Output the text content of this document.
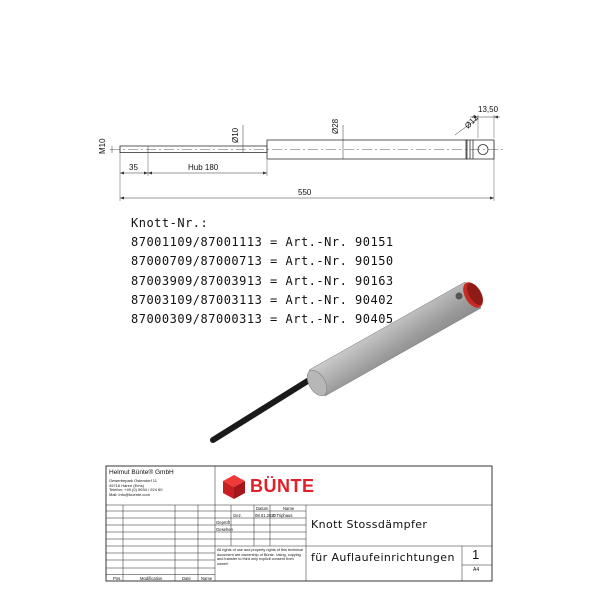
M10
Ø10
Ø28	Ø12
13,50
35	Hub 180
550
Knott-Nr.:
87001109/87001113 = Art.-Nr. 90151
87000709/87000713 = Art.-Nr. 90150
87003909/87003913 = Art.-Nr. 90163
87003109/87003113 = Art.-Nr. 90402
87000309/87000313 = Art.-Nr. 90405
Helmut Bünte® GmbH
Gewerbepark Ostendorf 11
49716 Haren (Ems)
Telefon: +49 (0) 5934 / 924 60
Mail: info@buente.com	BÜNTE
Datum	Name
Gez.	08.01.2020
J. Triphaus
Geprüft
Gesehen
All rights of use and property rights of this technical document are ownership of Bünte. Using, copying and transfer to third only explicit consent from owner!
Knott Stossdämpfer
für Auflaufeinrichtungen 1
A4
Pos.	Modification	Date Name
